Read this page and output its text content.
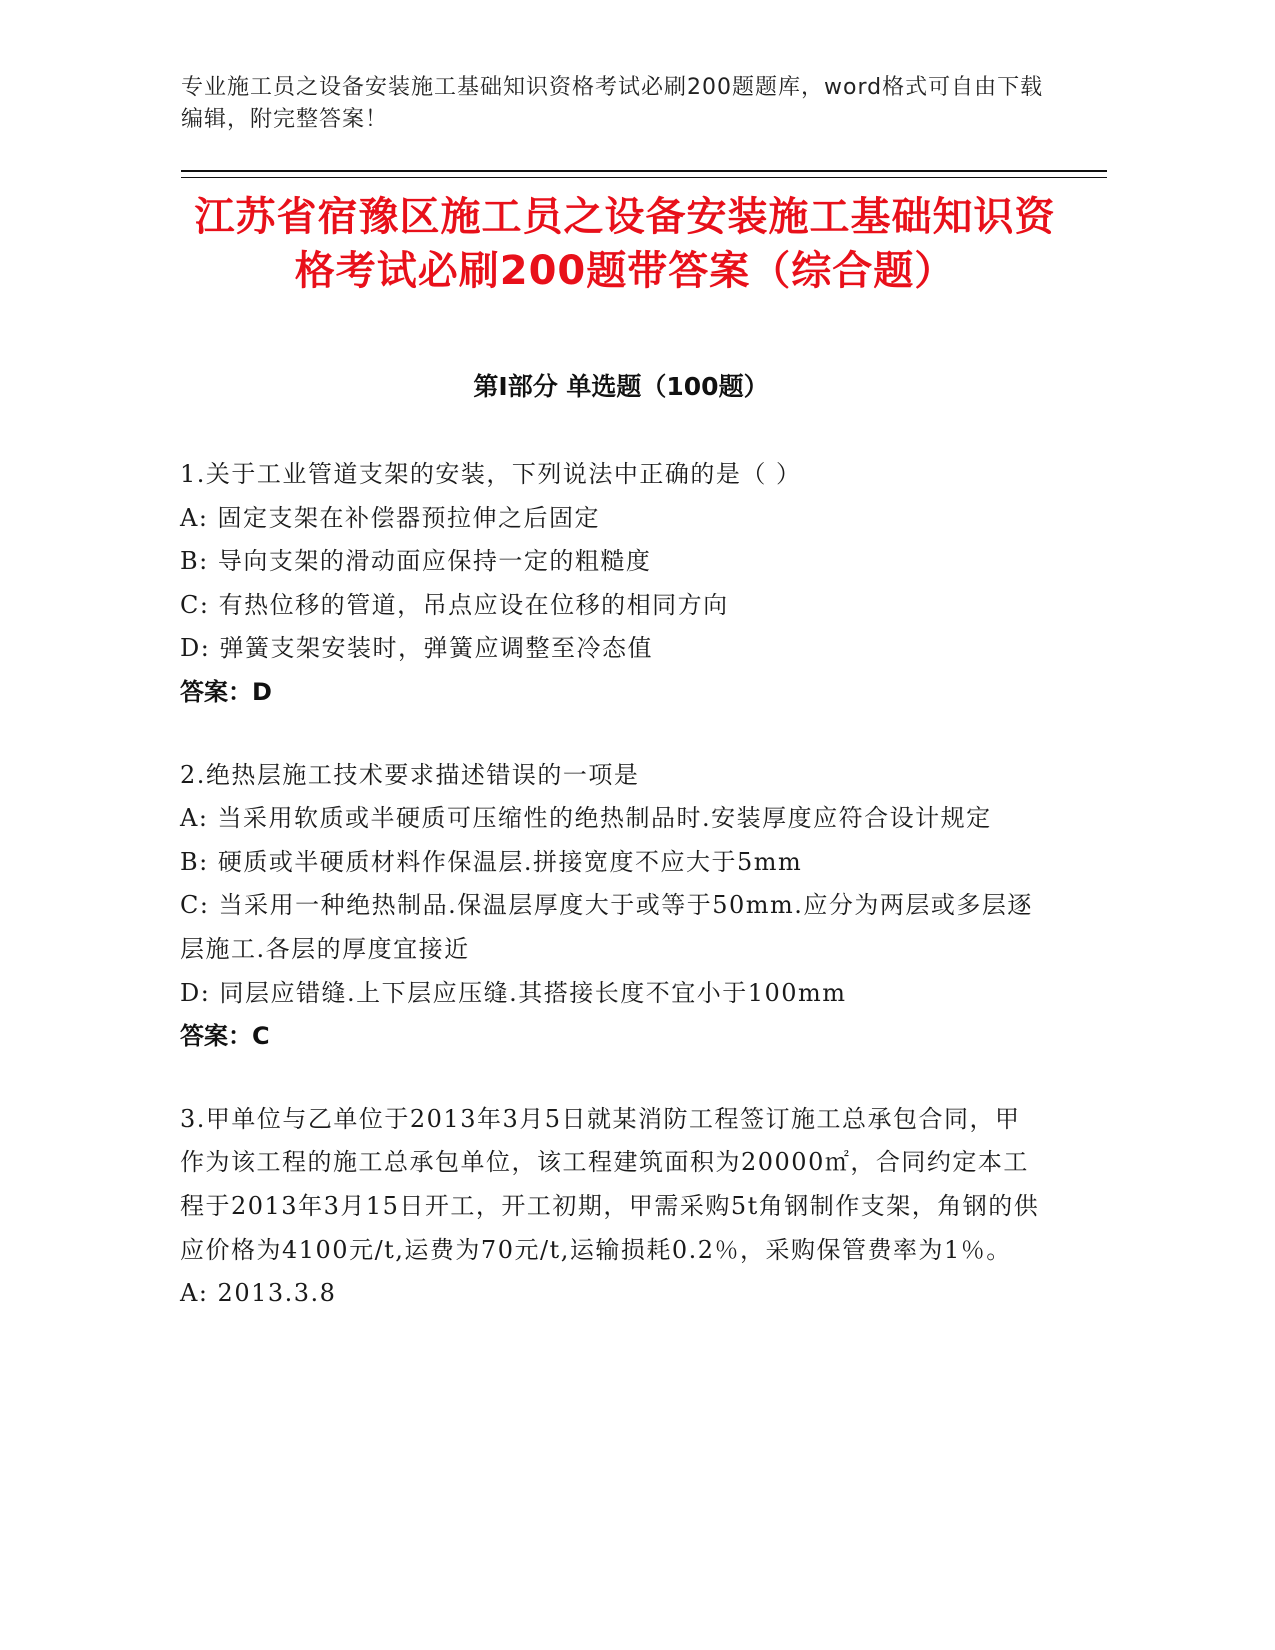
专业施工员之设备安装施工基础知识资格考试必刷200题题库，word格式可自由下载编辑，附完整答案！
江苏省宿豫区施工员之设备安装施工基础知识资格考试必刷200题带答案（综合题）
第Ⅰ部分 单选题（100题）

1.关于工业管道支架的安装，下列说法中正确的是（ ）

A: 固定支架在补偿器预拉伸之后固定

B: 导向支架的滑动面应保持一定的粗糙度

C: 有热位移的管道，吊点应设在位移的相同方向

D: 弹簧支架安装时，弹簧应调整至冷态值

答案：D

2.绝热层施工技术要求描述错误的一项是

A: 当采用软质或半硬质可压缩性的绝热制品时.安装厚度应符合设计规定

B: 硬质或半硬质材料作保温层.拼接宽度不应大于5mm

C: 当采用一种绝热制品.保温层厚度大于或等于50mm.应分为两层或多层逐层施工.各层的厚度宜接近

D: 同层应错缝.上下层应压缝.其搭接长度不宜小于100mm

答案：C

3.甲单位与乙单位于2013年3月5日就某消防工程签订施工总承包合同，甲作为该工程的施工总承包单位，该工程建筑面积为20000㎡，合同约定本工程于2013年3月15日开工，开工初期，甲需采购5t角钢制作支架，角钢的供应价格为4100元/t,运费为70元/t,运输损耗0.2％，采购保管费率为1％。

A: 2013.3.8
